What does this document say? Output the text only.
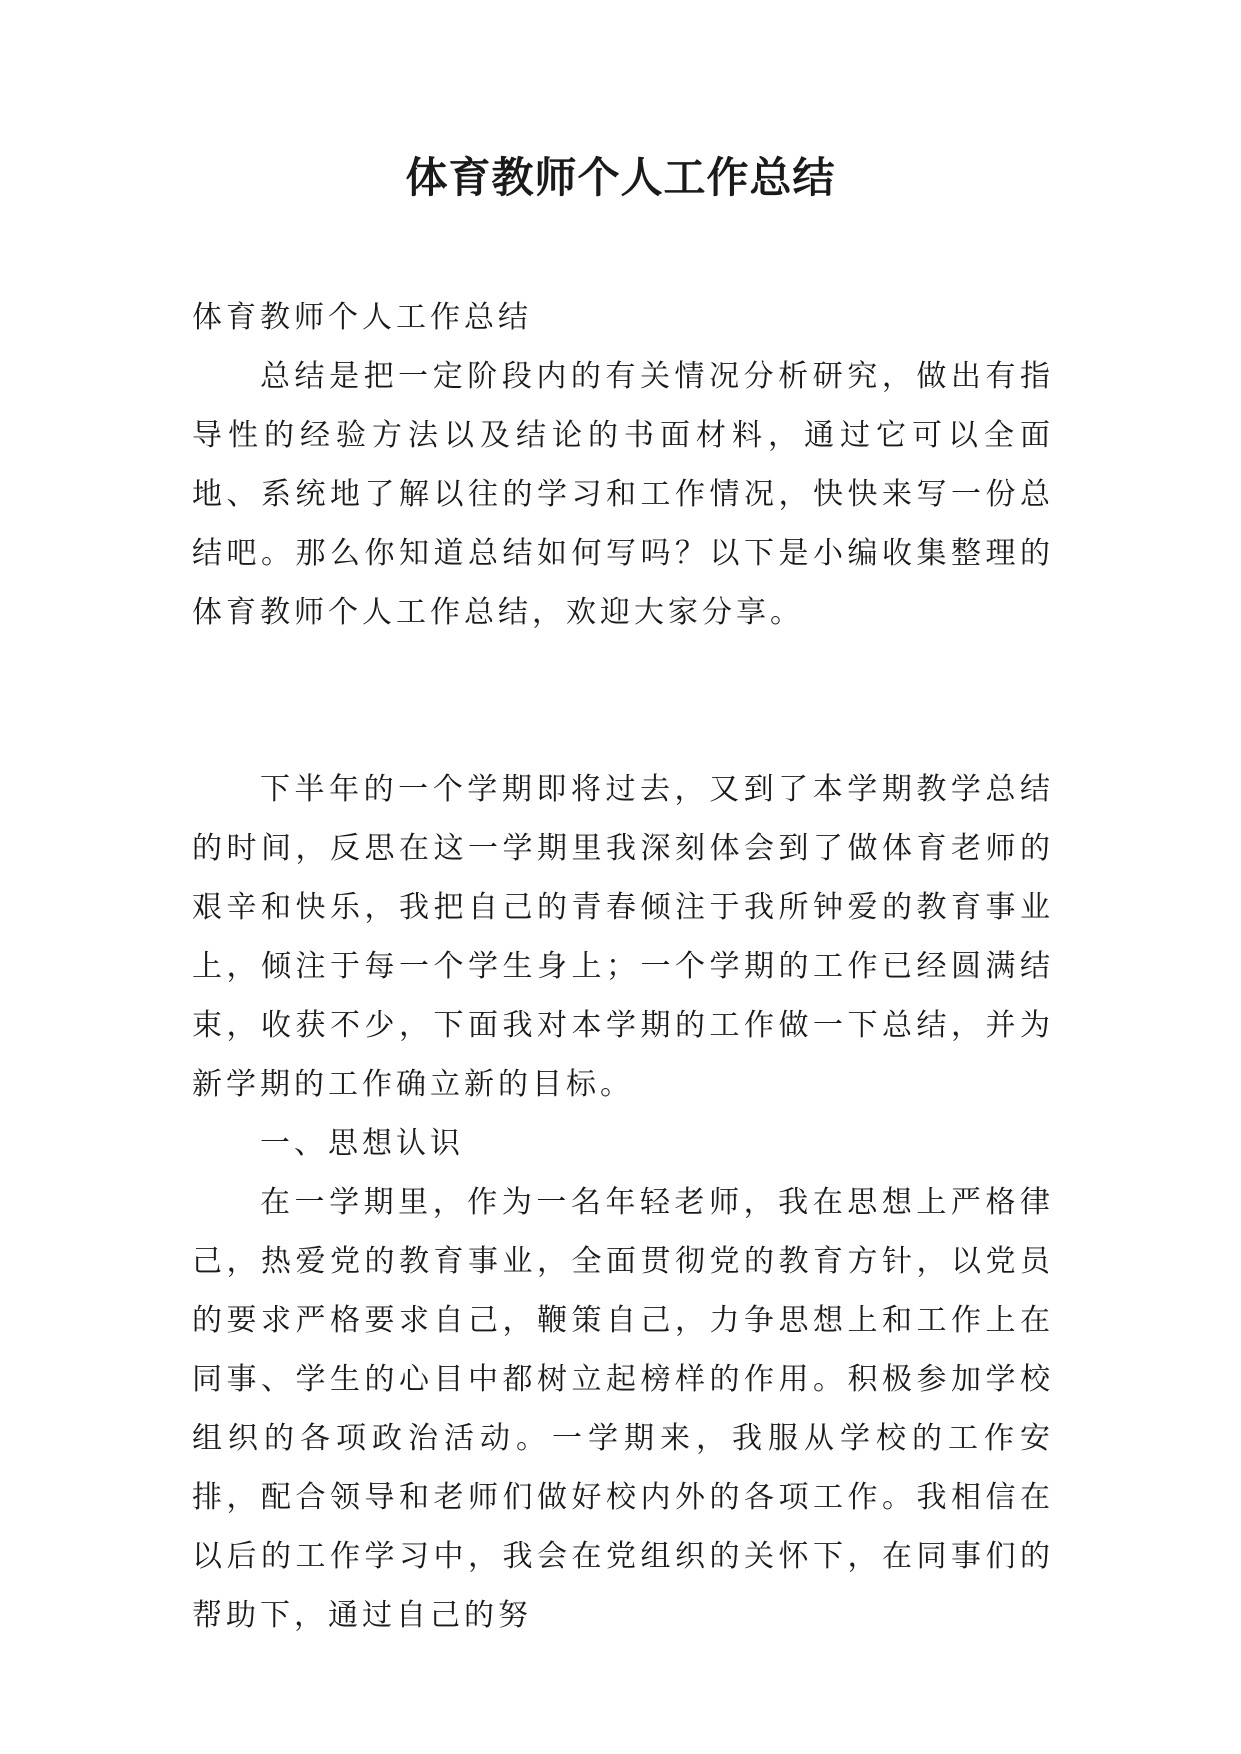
体育教师个人工作总结

体育教师个人工作总结

总结是把一定阶段内的有关情况分析研究，做出有指导性的经验方法以及结论的书面材料，通过它可以全面地、系统地了解以往的学习和工作情况，快快来写一份总结吧。那么你知道总结如何写吗？以下是小编收集整理的体育教师个人工作总结，欢迎大家分享。

下半年的一个学期即将过去，又到了本学期教学总结的时间，反思在这一学期里我深刻体会到了做体育老师的艰辛和快乐，我把自己的青春倾注于我所钟爱的教育事业上，倾注于每一个学生身上；一个学期的工作已经圆满结束，收获不少，下面我对本学期的工作做一下总结，并为新学期的工作确立新的目标。

一、思想认识

在一学期里，作为一名年轻老师，我在思想上严格律己，热爱党的教育事业，全面贯彻党的教育方针，以党员的要求严格要求自己，鞭策自己，力争思想上和工作上在同事、学生的心目中都树立起榜样的作用。积极参加学校组织的各项政治活动。一学期来，我服从学校的工作安排，配合领导和老师们做好校内外的各项工作。我相信在以后的工作学习中，我会在党组织的关怀下，在同事们的帮助下，通过自己的努
